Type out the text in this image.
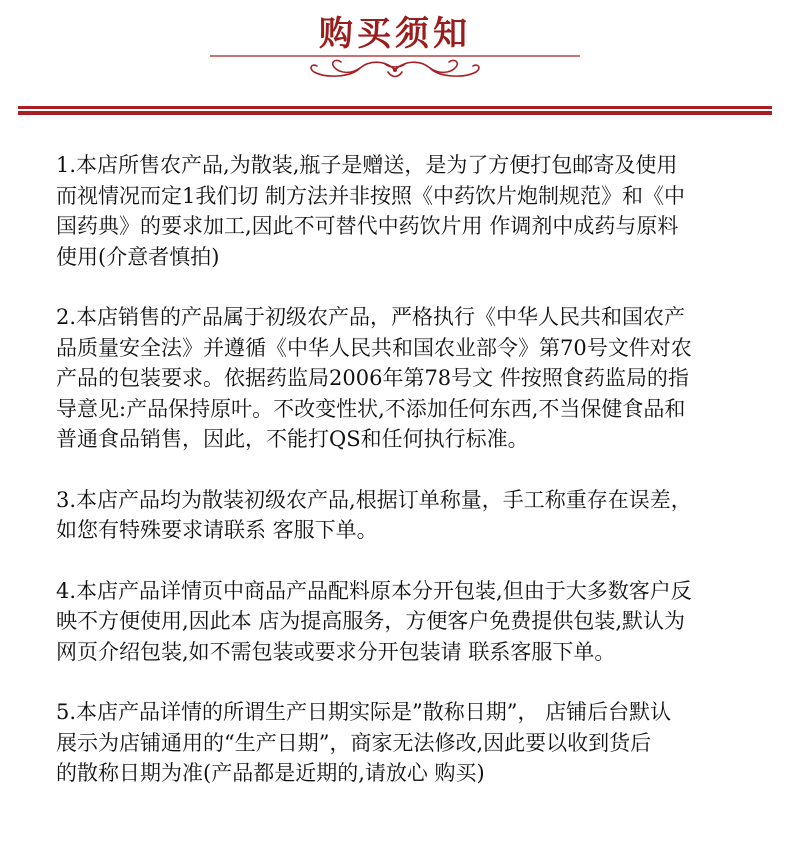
购买须知
1.本店所售农产品,为散装,瓶子是赠送，是为了方便打包邮寄及使用
而视情况而定1我们切 制方法并非按照《中药饮片炮制规范》和《中
国药典》的要求加工,因此不可替代中药饮片用 作调剂中成药与原料
使用(介意者慎拍)
2.本店销售的产品属于初级农产品，严格执行《中华人民共和国农产
品质量安全法》并遵循《中华人民共和国农业部令》第70号文件对农
产品的包装要求。依据药监局2006年第78号文 件按照食药监局的指
导意见:产品保持原叶。不改变性状,不添加任何东西,不当保健食品和
普通食品销售，因此，不能打QS和任何执行标准。
3.本店产品均为散装初级农产品,根据订单称量，手工称重存在误差，
如您有特殊要求请联系 客服下单。
4.本店产品详情页中商品产品配料原本分开包装,但由于大多数客户反
映不方便使用,因此本 店为提高服务，方便客户免费提供包装,默认为
网页介绍包装,如不需包装或要求分开包装请 联系客服下单。
5.本店产品详情的所谓生产日期实际是”散称日期”， 店铺后台默认
展示为店铺通用的“生产日期”，商家无法修改,因此要以收到货后
的散称日期为准(产品都是近期的,请放心 购买)
